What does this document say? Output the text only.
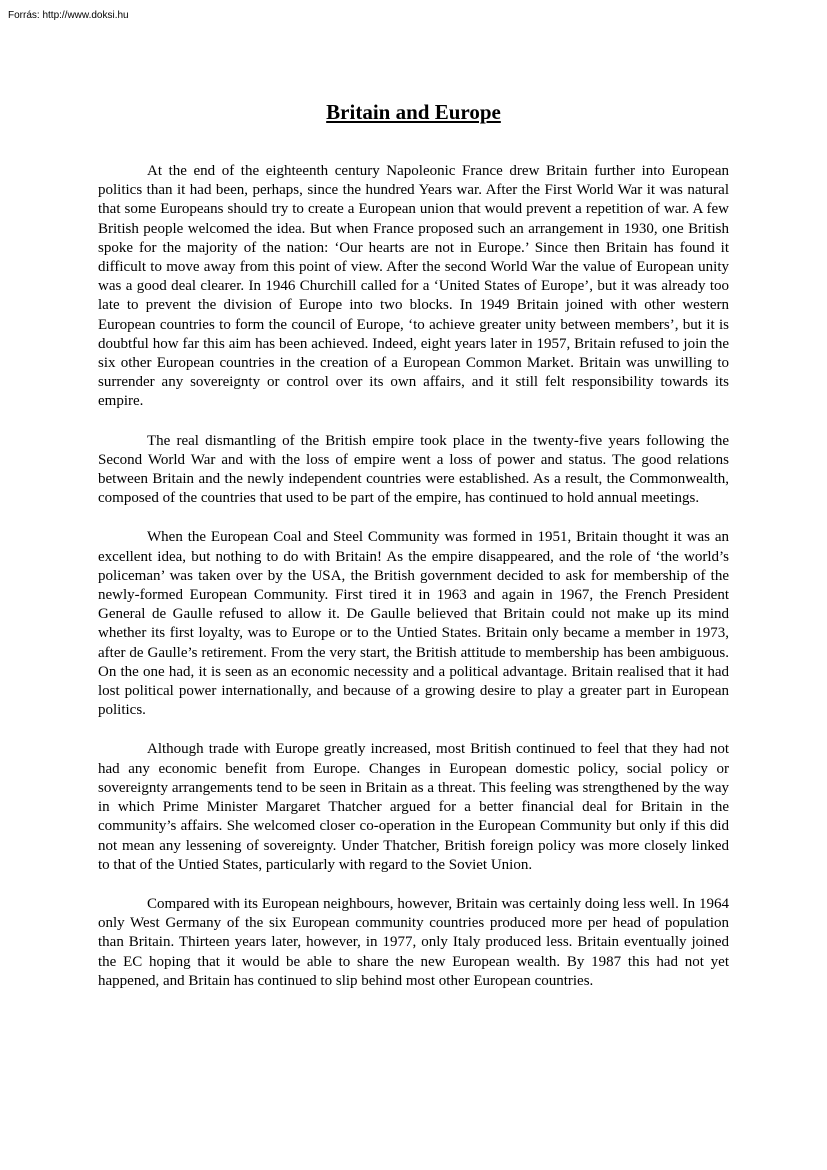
Forrás: http://www.doksi.hu
Britain and Europe

At the end of the eighteenth century Napoleonic France drew Britain further into European politics than it had been, perhaps, since the hundred Years war. After the First World War it was natural that some Europeans should try to create a European union that would prevent a repetition of war. A few British people welcomed the idea. But when France proposed such an arrangement in 1930, one British spoke for the majority of the nation: ‘Our hearts are not in Europe.’ Since then Britain has found it difficult to move away from this point of view. After the second World War the value of European unity was a good deal clearer. In 1946 Churchill called for a ‘United States of Europe’, but it was already too late to prevent the division of Europe into two blocks. In 1949 Britain joined with other western European countries to form the council of Europe, ‘to achieve greater unity between members’, but it is doubtful how far this aim has been achieved. Indeed, eight years later in 1957, Britain refused to join the six other European countries in the creation of a European Common Market. Britain was unwilling to surrender any sovereignty or control over its own affairs, and it still felt responsibility towards its empire.

The real dismantling of the British empire took place in the twenty-five years following the Second World War and with the loss of empire went a loss of power and status. The good relations between Britain and the newly independent countries were established. As a result, the Commonwealth, composed of the countries that used to be part of the empire, has continued to hold annual meetings.

When the European Coal and Steel Community was formed in 1951, Britain thought it was an excellent idea, but nothing to do with Britain! As the empire disappeared, and the role of ‘the world’s policeman’ was taken over by the USA, the British government decided to ask for membership of the newly-formed European Community. First tired it in 1963 and again in 1967, the French President General de Gaulle refused to allow it. De Gaulle believed that Britain could not make up its mind whether its first loyalty, was to Europe or to the Untied States. Britain only became a member in 1973, after de Gaulle’s retirement. From the very start, the British attitude to membership has been ambiguous. On the one had, it is seen as an economic necessity and a political advantage. Britain realised that it had lost political power internationally, and because of a growing desire to play a greater part in European politics.

Although trade with Europe greatly increased, most British continued to feel that they had not had any economic benefit from Europe. Changes in European domestic policy, social policy or sovereignty arrangements tend to be seen in Britain as a threat. This feeling was strengthened by the way in which Prime Minister Margaret Thatcher argued for a better financial deal for Britain in the community’s affairs. She welcomed closer co-operation in the European Community but only if this did not mean any lessening of sovereignty. Under Thatcher, British foreign policy was more closely linked to that of the Untied States, particularly with regard to the Soviet Union.

Compared with its European neighbours, however, Britain was certainly doing less well. In 1964 only West Germany of the six European community countries produced more per head of population than Britain. Thirteen years later, however, in 1977, only Italy produced less. Britain eventually joined the EC hoping that it would be able to share the new European wealth. By 1987 this had not yet happened, and Britain has continued to slip behind most other European countries.
